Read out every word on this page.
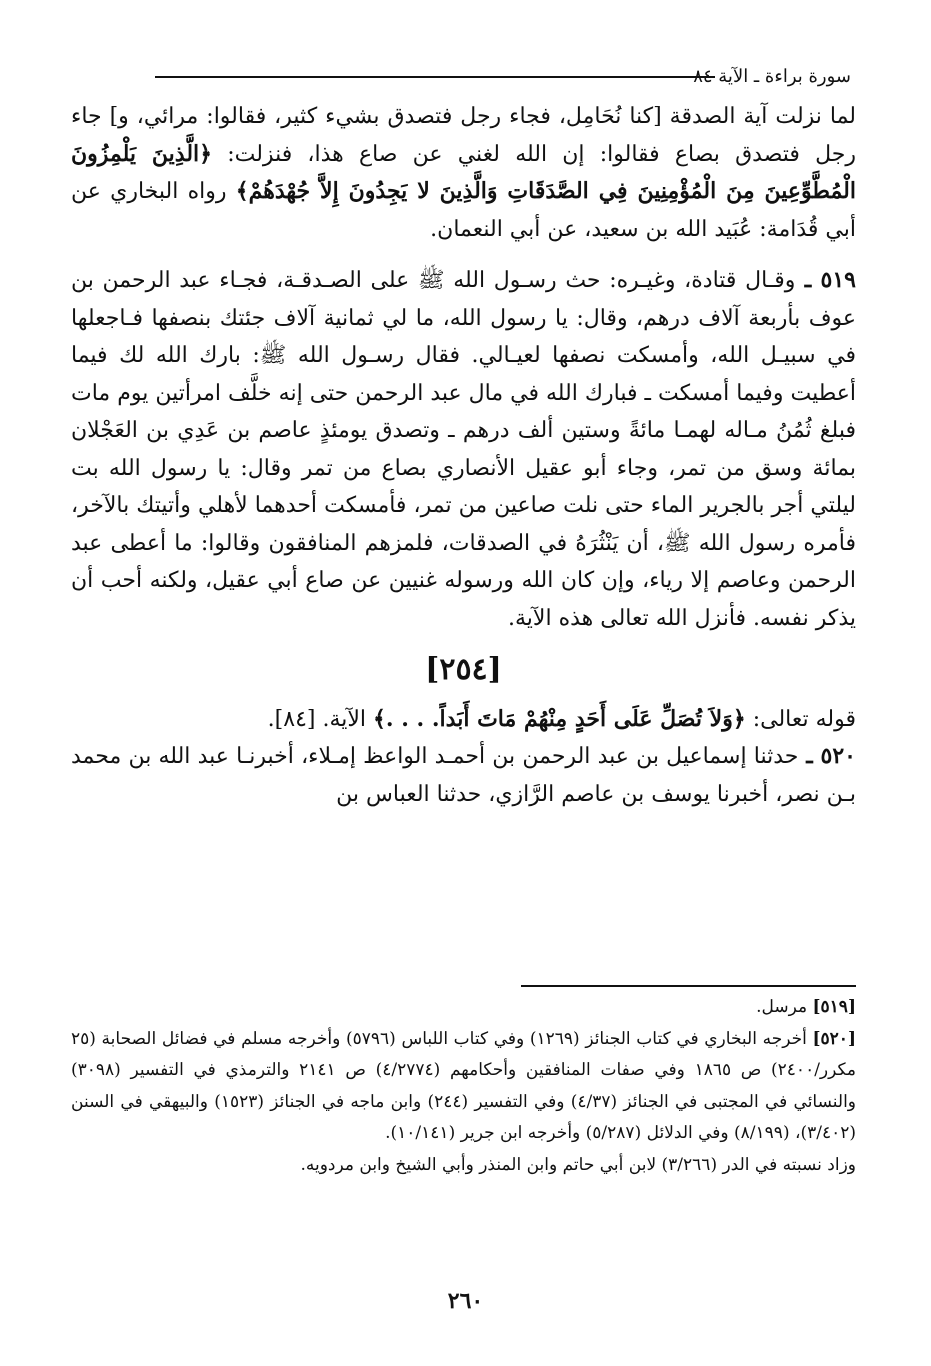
سورة براءة ـ الآية ٨٤

لما نزلت آية الصدقة [كنا نُحَامِل، فجاء رجل فتصدق بشيء كثير، فقالوا: مرائي، و] جاء رجل فتصدق بصاع فقالوا: إن الله لغني عن صاع هذا، فنزلت: ﴿الَّذِينَ يَلْمِزُونَ الْمُطَّوِّعِينَ مِنَ الْمُؤْمِنِينَ فِي الصَّدَقَاتِ وَالَّذِينَ لا يَجِدُونَ إِلاَّ جُهْدَهُمْ﴾ رواه البخاري عن أبي قُدَامة: عُبَيد الله بن سعيد، عن أبي النعمان.

٥١٩ ـ وقـال قتادة، وغيـره: حث رسـول الله ﷺ على الصـدقـة، فجـاء عبد الرحمن بن عوف بأربعة آلاف درهم، وقال: يا رسول الله، ما لي ثمانية آلاف جئتك بنصفها فـاجعلها في سبيـل الله، وأمسكت نصفها لعيـالي. فقال رسـول الله ﷺ: بارك الله لك فيما أعطيت وفيما أمسكت ـ فبارك الله في مال عبد الرحمن حتى إنه خلَّف امرأتين يوم مات فبلغ ثُمُنُ مـاله لهمـا مائةً وستين ألف درهم ـ وتصدق يومئذٍ عاصم بن عَدِي بن العَجْلان بمائة وسق من تمر، وجاء أبو عقيل الأنصاري بصاع من تمر وقال: يا رسول الله بت ليلتي أجر بالجرير الماء حتى نلت صاعين من تمر، فأمسكت أحدهما لأهلي وأتيتك بالآخر، فأمره رسول الله ﷺ، أن يَنْثُرَهُ في الصدقات، فلمزهم المنافقون وقالوا: ما أعطى عبد الرحمن وعاصم إلا رياء، وإن كان الله ورسوله غنيين عن صاع أبي عقيل، ولكنه أحب أن يذكر نفسه. فأنزل الله تعالى هذه الآية.

[٢٥٤]

قوله تعالى: ﴿وَلاَ تُصَلِّ عَلَى أَحَدٍ مِنْهُمْ مَاتَ أَبَداً. . . .﴾ الآية. [٨٤].

٥٢٠ ـ حدثنا إسماعيل بن عبد الرحمن بن أحمـد الواعظ إمـلاء، أخبرنـا عبد الله بن محمد بـن نصر، أخبرنا يوسف بن عاصم الرَّازي، حدثنا العباس بن

[٥١٩] مرسل.

[٥٢٠] أخرجه البخاري في كتاب الجنائز (١٢٦٩) وفي كتاب اللباس (٥٧٩٦) وأخرجه مسلم في فضائل الصحابة (٢٥ مكرر/٢٤٠٠) ص ١٨٦٥ وفي صفات المنافقين وأحكامهم (٤/٢٧٧٤) ص ٢١٤١ والترمذي في التفسير (٣٠٩٨) والنسائي في المجتبى في الجنائز (٤/٣٧) وفي التفسير (٢٤٤) وابن ماجه في الجنائز (١٥٢٣) والبيهقي في السنن (٣/٤٠٢)، (٨/١٩٩) وفي الدلائل (٥/٢٨٧) وأخرجه ابن جرير (١٠/١٤١).

وزاد نسبته في الدر (٣/٢٦٦) لابن أبي حاتم وابن المنذر وأبي الشيخ وابن مردويه.

٢٦٠
